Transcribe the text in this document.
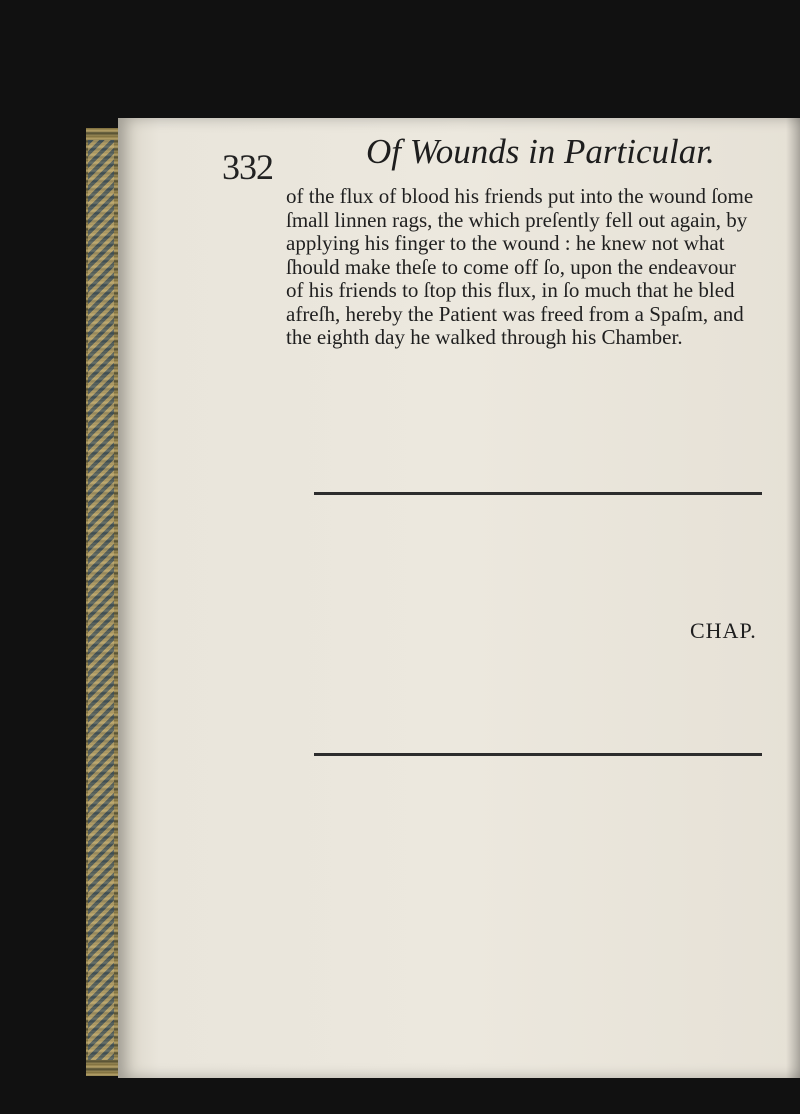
332	Of Wounds in Particular.
of the flux of blood his friends put into the wound ſome
ſmall linnen rags, the which preſently fell out again, by
applying his finger to the wound : he knew not what
ſhould make theſe to come off ſo, upon the endeavour
of his friends to ſtop this flux, in ſo much that he bled
afreſh, hereby the Patient was freed from a Spaſm, and
the eighth day he walked through his Chamber.
CHAP.
